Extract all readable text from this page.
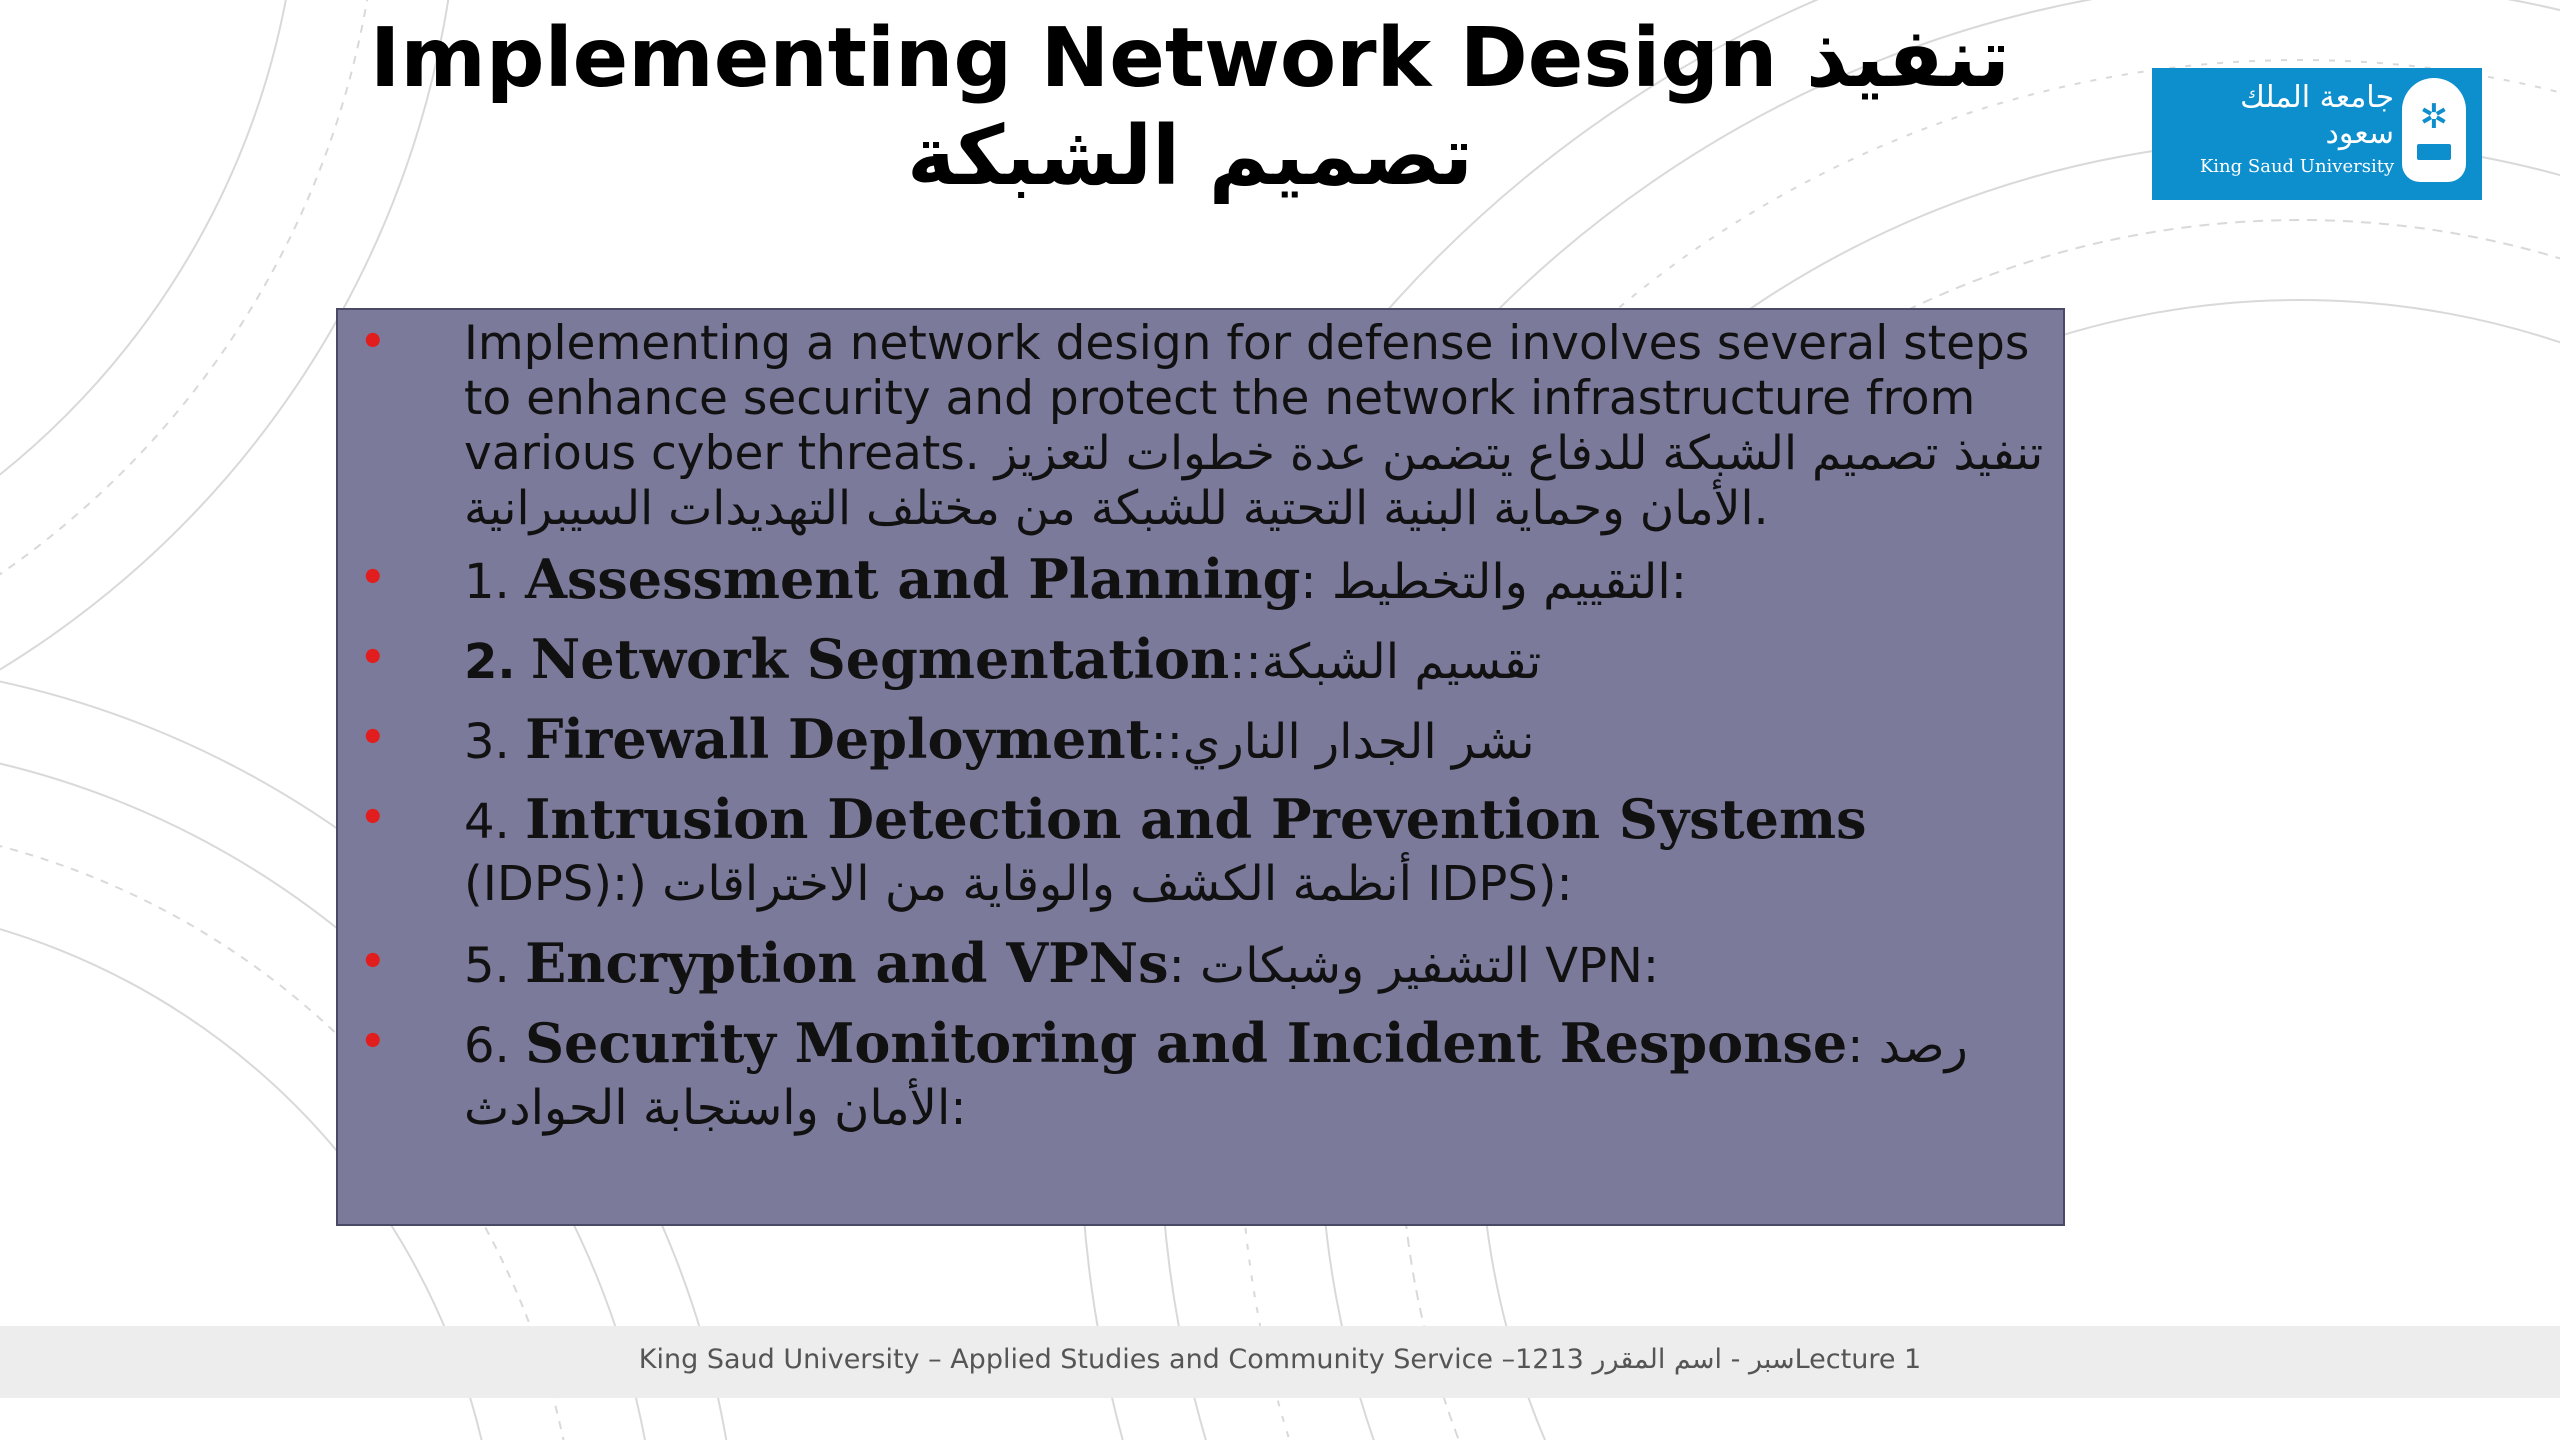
Implementing Network Design تنفيذ تصميم الشبكة
جامعة الملك سعود
King Saud University
✲
• Implementing a network design for defense involves several steps to enhance security and protect the network infrastructure from various cyber threats. تنفيذ تصميم الشبكة للدفاع يتضمن عدة خطوات لتعزيز الأمان وحماية البنية التحتية للشبكة من مختلف التهديدات السيبرانية.
• 1. Assessment and Planning: التقييم والتخطيط:
• 2. Network Segmentation::تقسيم الشبكة
• 3. Firewall Deployment::نشر الجدار الناري
• 4. Intrusion Detection and Prevention Systems (IDPS):) أنظمة الكشف والوقاية من الاختراقات IDPS):
• 5. Encryption and VPNs: التشفير وشبكات VPN:
• 6. Security Monitoring and Incident Response: رصد الأمان واستجابة الحوادث:
King Saud University – Applied Studies and Community Service –1213 سبر - اسم المقررLecture 1
